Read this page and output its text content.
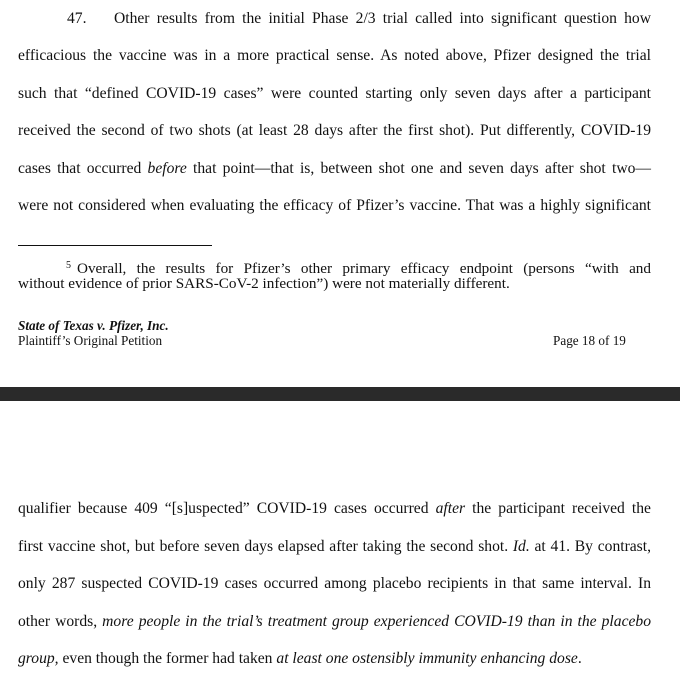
47. Other results from the initial Phase 2/3 trial called into significant question how
efficacious the vaccine was in a more practical sense. As noted above, Pfizer designed the trial
such that “defined COVID-19 cases” were counted starting only seven days after a participant
received the second of two shots (at least 28 days after the first shot). Put differently, COVID-19
cases that occurred before that point—that is, between shot one and seven days after shot two—
were not considered when evaluating the efficacy of Pfizer’s vaccine. That was a highly significant
$^5$ Overall, the results for Pfizer’s other primary efficacy endpoint (persons “with and
without evidence of prior SARS-CoV-2 infection”) were not materially different.
State of Texas v. Pfizer, Inc.
Plaintiff’s Original Petition	Page 18 of 19
qualifier because 409 “[s]uspected” COVID-19 cases occurred after the participant received the
first vaccine shot, but before seven days elapsed after taking the second shot. Id. at 41. By contrast,
only 287 suspected COVID-19 cases occurred among placebo recipients in that same interval. In
other words, more people in the trial’s treatment group experienced COVID-19 than in the placebo
group, even though the former had taken at least one ostensibly immunity enhancing dose.
